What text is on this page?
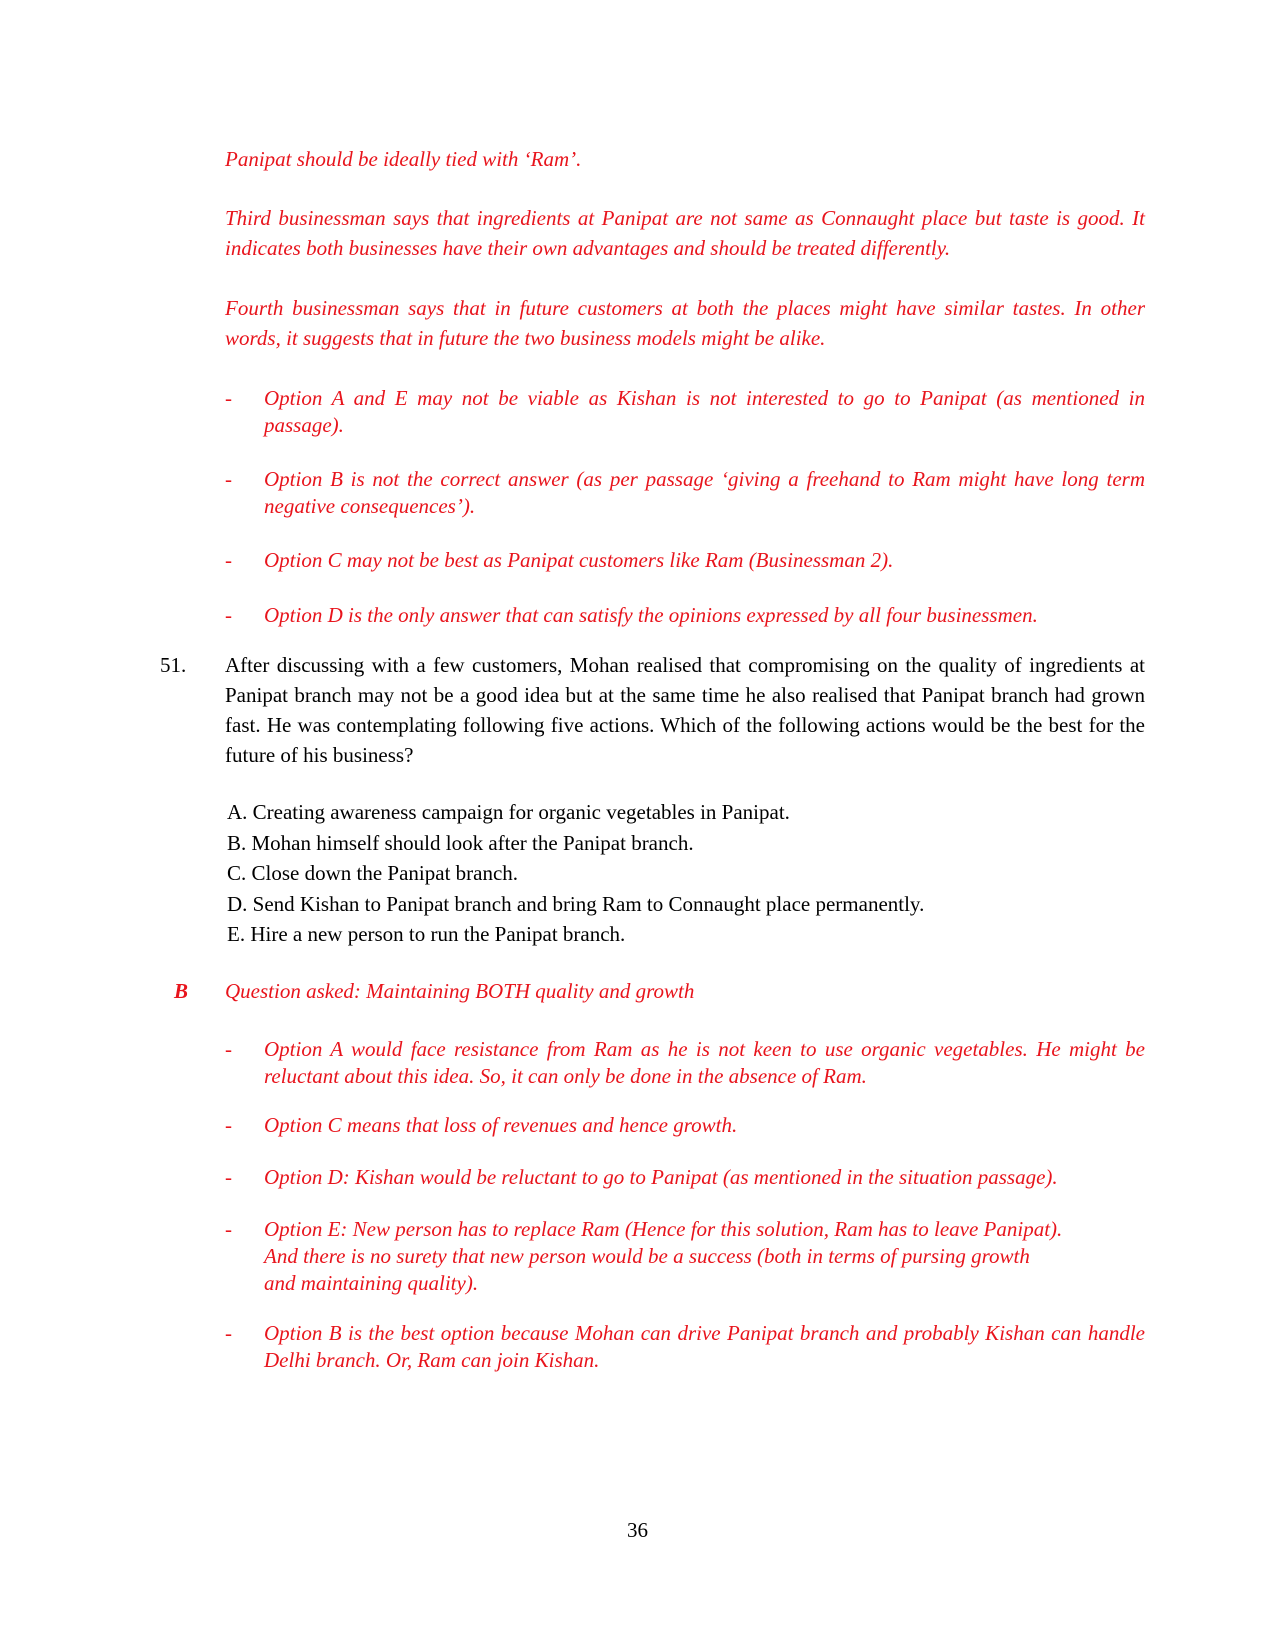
Panipat should be ideally tied with ‘Ram’.
Third businessman says that ingredients at Panipat are not same as Connaught place but taste is good. It indicates both businesses have their own advantages and should be treated differently.
Fourth businessman says that in future customers at both the places might have similar tastes. In other words, it suggests that in future the two business models might be alike.
- Option A and E may not be viable as Kishan is not interested to go to Panipat (as mentioned in passage).
- Option B is not the correct answer (as per passage ‘giving a freehand to Ram might have long term negative consequences’).
- Option C may not be best as Panipat customers like Ram (Businessman 2).
- Option D is the only answer that can satisfy the opinions expressed by all four businessmen.
51. After discussing with a few customers, Mohan realised that compromising on the quality of ingredients at Panipat branch may not be a good idea but at the same time he also realised that Panipat branch had grown fast. He was contemplating following five actions. Which of the following actions would be the best for the future of his business?
A. Creating awareness campaign for organic vegetables in Panipat.
B. Mohan himself should look after the Panipat branch.
C. Close down the Panipat branch.
D. Send Kishan to Panipat branch and bring Ram to Connaught place permanently.
E. Hire a new person to run the Panipat branch.
B Question asked: Maintaining BOTH quality and growth
- Option A would face resistance from Ram as he is not keen to use organic vegetables. He might be reluctant about this idea. So, it can only be done in the absence of Ram.
- Option C means that loss of revenues and hence growth.
- Option D: Kishan would be reluctant to go to Panipat (as mentioned in the situation passage).
- Option E: New person has to replace Ram (Hence for this solution, Ram has to leave Panipat). And there is no surety that new person would be a success (both in terms of pursing growth and maintaining quality).
- Option B is the best option because Mohan can drive Panipat branch and probably Kishan can handle Delhi branch. Or, Ram can join Kishan.
36
